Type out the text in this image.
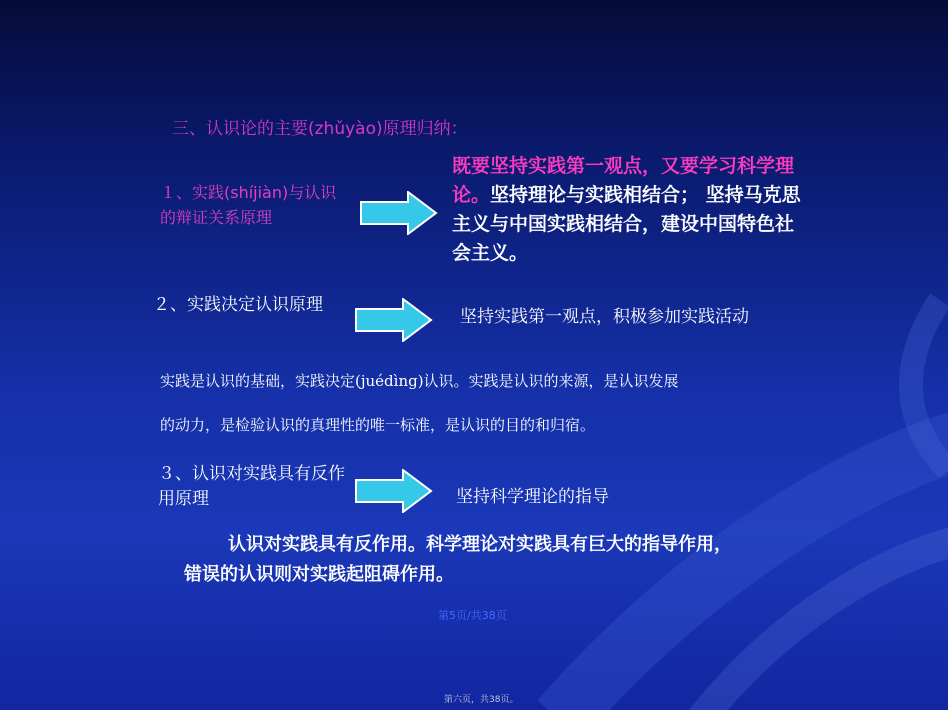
三、认识论的主要(zhǔyào)原理归纳：

１、实践(shíjiàn)与认识的辩证关系原理

既要坚持实践第一观点，又要学习科学理论。坚持理论与实践相结合； 坚持马克思主义与中国实践相结合，建设中国特色社会主义。

２、实践决定认识原理

坚持实践第一观点，积极参加实践活动

实践是认识的基础，实践决定(juédìng)认识。实践是认识的来源，是认识发展

的动力，是检验认识的真理性的唯一标准，是认识的目的和归宿。

３、认识对实践具有反作用原理	坚持科学理论的指导

认识对实践具有反作用。科学理论对实践具有巨大的指导作用，错误的认识则对实践起阻碍作用。

第5页/共38页

第六页，共38页。
